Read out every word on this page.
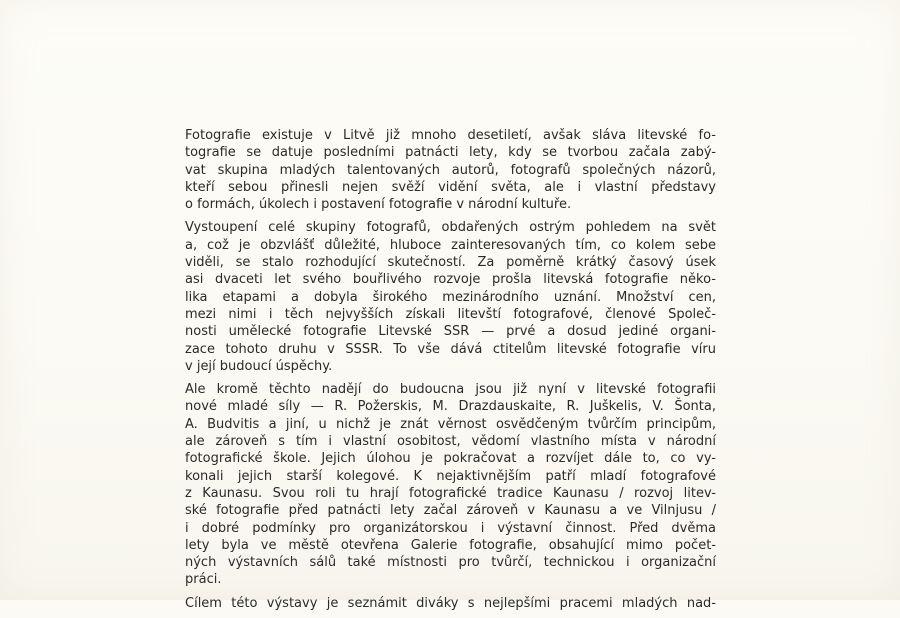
Fotografie existuje v Litvě již mnoho desetiletí, avšak sláva litevské fo-
tografie se datuje posledními patnácti lety, kdy se tvorbou začala zabý-
vat skupina mladých talentovaných autorů, fotografů společných názorů,
kteří sebou přinesli nejen svěží vidění světa, ale i vlastní představy
o formách, úkolech i postavení fotografie v národní kultuře.
Vystoupení celé skupiny fotografů, obdařených ostrým pohledem na svět
a, což je obzvlášť důležité, hluboce zainteresovaných tím, co kolem sebe
viděli, se stalo rozhodující skutečností. Za poměrně krátký časový úsek
asi dvaceti let svého bouřlivého rozvoje prošla litevská fotografie něko-
lika etapami a dobyla širokého mezinárodního uznání. Množství cen,
mezi nimi i těch nejvyšších získali litevští fotografové, členové Společ-
nosti umělecké fotografie Litevské SSR — prvé a dosud jediné organi-
zace tohoto druhu v SSSR. To vše dává ctitelům litevské fotografie víru
v její budoucí úspěchy.
Ale kromě těchto nadějí do budoucna jsou již nyní v litevské fotografii
nové mladé síly — R. Požerskis, M. Drazdauskaite, R. Juškelis, V. Šonta,
A. Budvitis a jiní, u nichž je znát věrnost osvědčeným tvůrčím principům,
ale zároveň s tím i vlastní osobitost, vědomí vlastního místa v národní
fotografické škole. Jejich úlohou je pokračovat a rozvíjet dále to, co vy-
konali jejich starší kolegové. K nejaktivnějším patří mladí fotografové
z Kaunasu. Svou roli tu hrají fotografické tradice Kaunasu / rozvoj litev-
ské fotografie před patnácti lety začal zároveň v Kaunasu a ve Vilnjusu /
i dobré podmínky pro organizátorskou i výstavní činnost. Před dvěma
lety byla ve městě otevřena Galerie fotografie, obsahující mimo počet-
ných výstavních sálů také místnosti pro tvůrčí, technickou i organizační
práci.
Cílem této výstavy je seznámit diváky s nejlepšími pracemi mladých nad-
